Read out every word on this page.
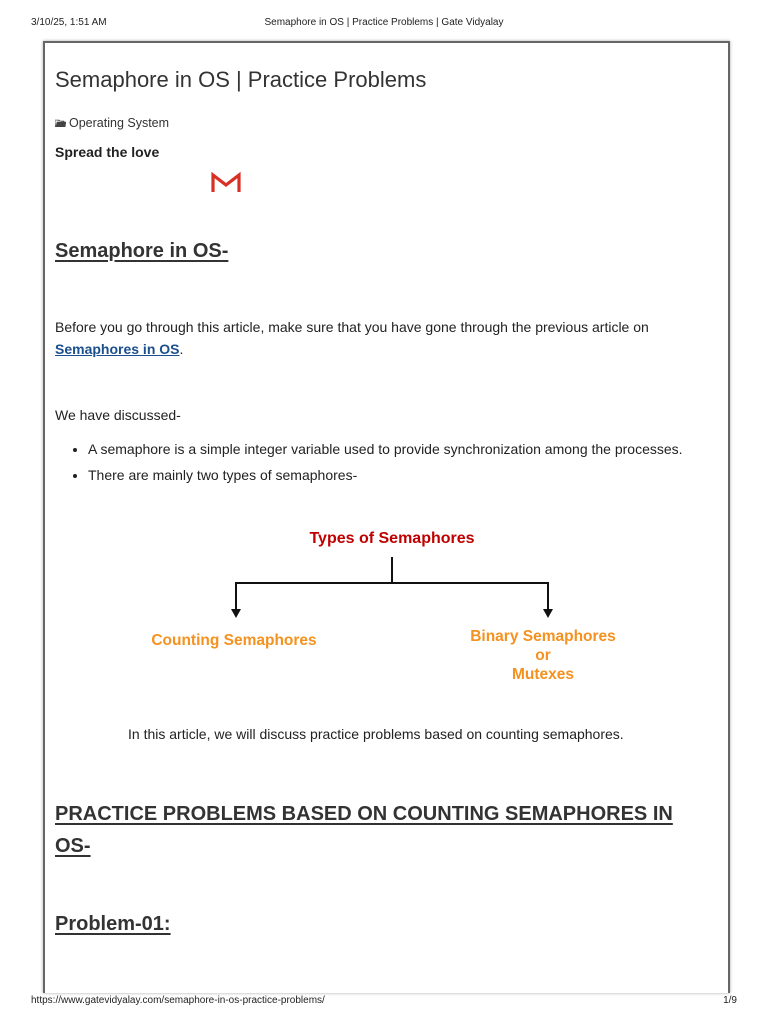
3/10/25, 1:51 AM	Semaphore in OS | Practice Problems | Gate Vidyalay
Semaphore in OS | Practice Problems
Operating System
Spread the love
Semaphore in OS-
Before you go through this article, make sure that you have gone through the previous article on Semaphores in OS.
We have discussed-
• A semaphore is a simple integer variable used to provide synchronization among the processes.
• There are mainly two types of semaphores-
Types of Semaphores
Counting Semaphores	Binary Semaphores
or
Mutexes
In this article, we will discuss practice problems based on counting semaphores.
PRACTICE PROBLEMS BASED ON COUNTING SEMAPHORES IN
OS-
Problem-01:
https://www.gatevidyalay.com/semaphore-in-os-practice-problems/	1/9
